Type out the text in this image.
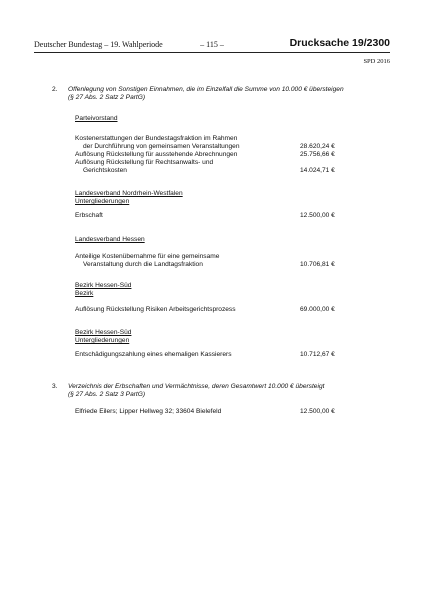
Deutscher Bundestag – 19. Wahlperiode	– 115 –	Drucksache 19/2300
SPD 2016
2. Offenlegung von Sonstigen Einnahmen, die im Einzelfall die Summe von 10.000 € übersteigen
(§ 27 Abs. 2 Satz 2 PartG)
Parteivorstand
Kostenerstattungen der Bundestagsfraktion im Rahmen
der Durchführung von gemeinsamen Veranstaltungen	28.620,24 €
Auflösung Rückstellung für ausstehende Abrechnungen	25.756,66 €
Auflösung Rückstellung für Rechtsanwalts- und
Gerichtskosten	14.024,71 €
Landesverband Nordrhein-Westfalen
Untergliederungen
Erbschaft	12.500,00 €
Landesverband Hessen
Anteilige Kostenübernahme für eine gemeinsame
Veranstaltung durch die Landtagsfraktion	10.706,81 €
Bezirk Hessen-Süd
Bezirk
Auflösung Rückstellung Risiken Arbeitsgerichtsprozess	69.000,00 €
Bezirk Hessen-Süd
Untergliederungen
Entschädigungszahlung eines ehemaligen Kassierers	10.712,67 €
3. Verzeichnis der Erbschaften und Vermächtnisse, deren Gesamtwert 10.000 € übersteigt
(§ 27 Abs. 2 Satz 3 PartG)
Elfriede Eilers; Lipper Hellweg 32; 33604 Bielefeld	12.500,00 €
